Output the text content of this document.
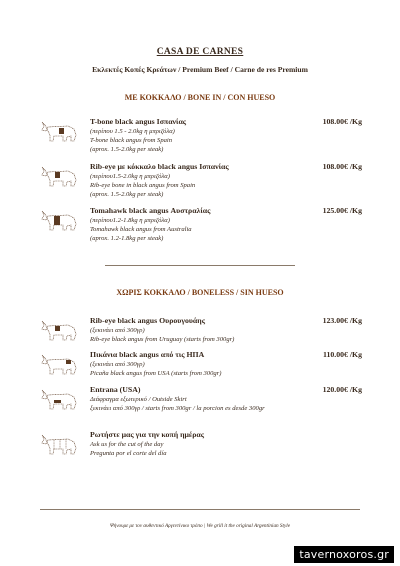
CASA DE CARNES
Εκλεκτές Κοπές Κρεάτων / Premium Beef / Carne de res Premium
ΜΕ ΚΟΚΚΑΛΟ / BONE IN / CON HUESO
T-bone black angus Ισπανίας	108.00€ /Kg
(περίπου 1.5 - 2.0kg η μπριζόλα)
T-bone black angus from Spain
(aprox. 1.5-2.0kg per steak)
Rib-eye με κόκκαλο black angus Ισπανίας	108.00€ /Kg
(περίπου1.5-2.0kg η μπριζόλα)
Rib-eye bone in black angus from Spain
(aprox. 1.5-2.0kg per steak)
Tomahawk black angus Αυστραλίας	125.00€ /Kg
(περίπου1.2-1.8kg η μπριζόλα)
Tomahawk black angus from Australia
(aprox. 1.2-1.8kg per steak)
ΧΩΡΙΣ ΚΟΚΚΑΛΟ / BONELESS / SIN HUESO
Rib-eye black angus Ουρουγουάης	123.00€ /Kg
(ξεκινάει από 300γρ)
Rib-eye black angus from Uruguay (starts from 300gr)
Πικάνια black angus από τις ΗΠΑ	110.00€ /Kg
(ξεκινάει από 300γρ)
Picaña black angus from USA (starts from 300gr)
Entrana (USA)	120.00€ /Kg
Διάφραγμα εξωτερικό / Outside Skirt
ξεκινάει από 300γρ / starts from 300gr / la porcion es desde 300gr
Ρωτήστε μας για την κοπή ημέρας
Ask us for the cut of the day
Pregunta por el corte del día
Ψήνουμε με τον αυθεντικό Αργεντίνικο τρόπο | We grill it the original Argentinian Style
tavernoxoros.gr
